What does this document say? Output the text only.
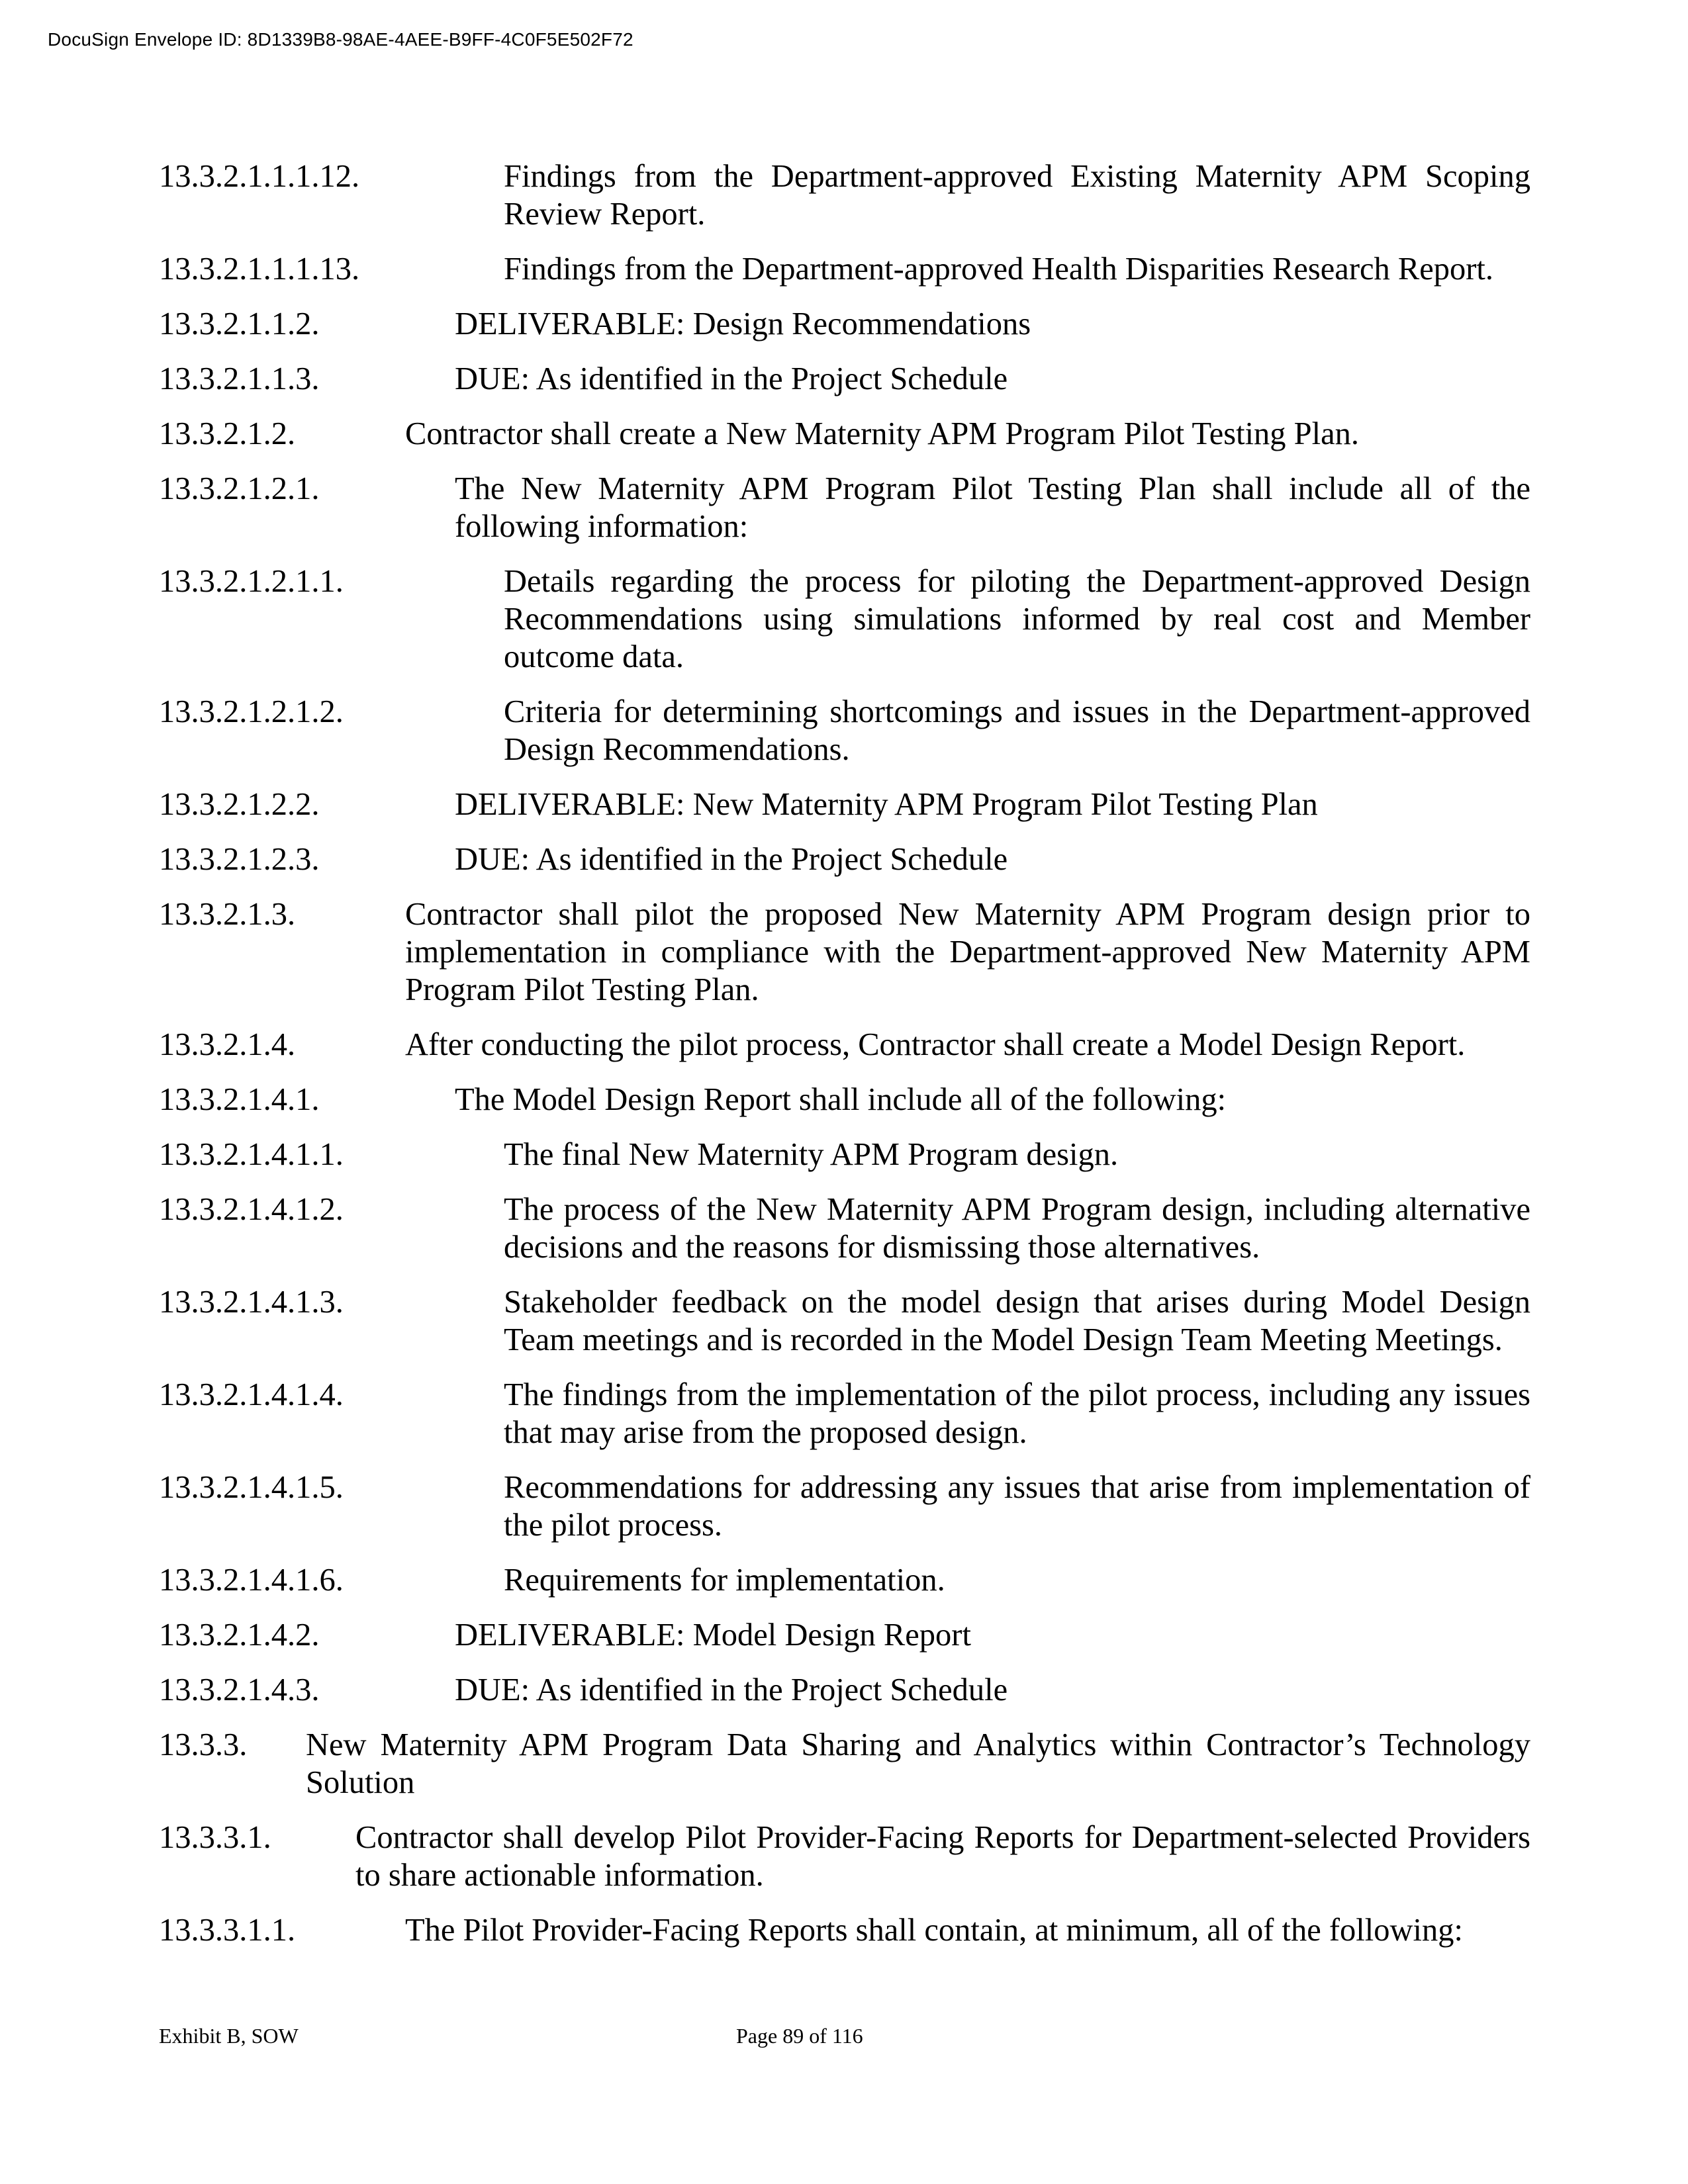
DocuSign Envelope ID: 8D1339B8-98AE-4AEE-B9FF-4C0F5E502F72
13.3.2.1.1.1.12.	Findings from the Department-approved Existing Maternity APM Scoping Review Report.
13.3.2.1.1.1.13.	Findings from the Department-approved Health Disparities Research Report.
13.3.2.1.1.2.	DELIVERABLE: Design Recommendations
13.3.2.1.1.3.	DUE: As identified in the Project Schedule
13.3.2.1.2.	Contractor shall create a New Maternity APM Program Pilot Testing Plan.
13.3.2.1.2.1.	The New Maternity APM Program Pilot Testing Plan shall include all of the following information:
13.3.2.1.2.1.1.	Details regarding the process for piloting the Department-approved Design Recommendations using simulations informed by real cost and Member outcome data.
13.3.2.1.2.1.2.	Criteria for determining shortcomings and issues in the Department-approved Design Recommendations.
13.3.2.1.2.2.	DELIVERABLE: New Maternity APM Program Pilot Testing Plan
13.3.2.1.2.3.	DUE: As identified in the Project Schedule
13.3.2.1.3.	Contractor shall pilot the proposed New Maternity APM Program design prior to implementation in compliance with the Department-approved New Maternity APM Program Pilot Testing Plan.
13.3.2.1.4.	After conducting the pilot process, Contractor shall create a Model Design Report.
13.3.2.1.4.1.	The Model Design Report shall include all of the following:
13.3.2.1.4.1.1.	The final New Maternity APM Program design.
13.3.2.1.4.1.2.	The process of the New Maternity APM Program design, including alternative decisions and the reasons for dismissing those alternatives.
13.3.2.1.4.1.3.	Stakeholder feedback on the model design that arises during Model Design Team meetings and is recorded in the Model Design Team Meeting Meetings.
13.3.2.1.4.1.4.	The findings from the implementation of the pilot process, including any issues that may arise from the proposed design.
13.3.2.1.4.1.5.	Recommendations for addressing any issues that arise from implementation of the pilot process.
13.3.2.1.4.1.6.	Requirements for implementation.
13.3.2.1.4.2.	DELIVERABLE: Model Design Report
13.3.2.1.4.3.	DUE: As identified in the Project Schedule
13.3.3. New Maternity APM Program Data Sharing and Analytics within Contractor’s Technology Solution
13.3.3.1.	Contractor shall develop Pilot Provider-Facing Reports for Department-selected Providers to share actionable information.
13.3.3.1.1.	The Pilot Provider-Facing Reports shall contain, at minimum, all of the following:
Exhibit B, SOW	Page 89 of 116
